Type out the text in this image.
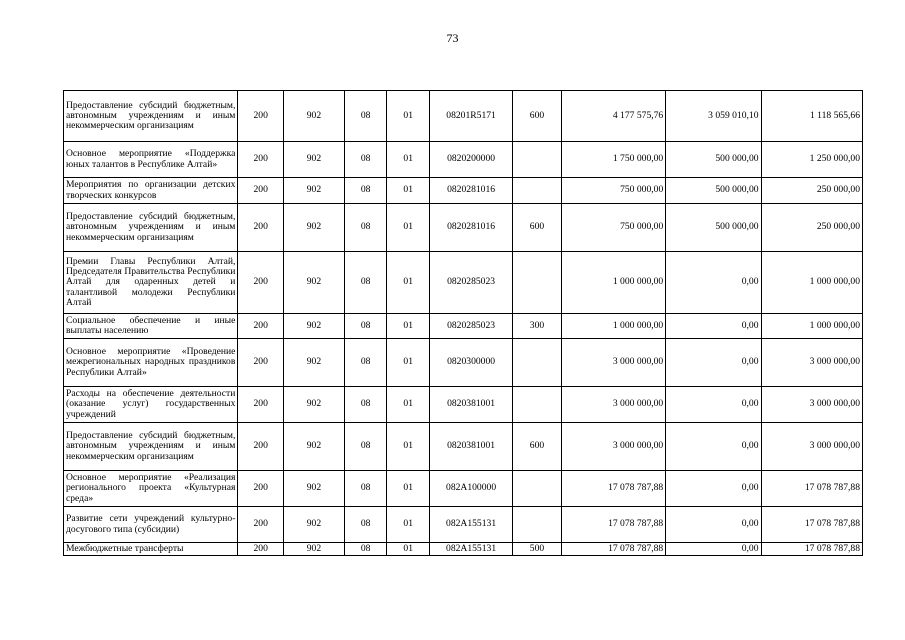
73
Предоставление субсидий бюджетным, автономным учреждениям и иным некоммерческим организациям	200	902	08	01	08201R5171	600	4 177 575,76	3 059 010,10	1 118 565,66
Основное мероприятие «Поддержка юных талантов в Республике Алтай»	200	902	08	01	0820200000		1 750 000,00	500 000,00	1 250 000,00
Мероприятия по организации детских творческих конкурсов	200	902	08	01	0820281016		750 000,00	500 000,00	250 000,00
Предоставление субсидий бюджетным, автономным учреждениям и иным некоммерческим организациям	200	902	08	01	0820281016	600	750 000,00	500 000,00	250 000,00
Премии Главы Республики Алтай, Председателя Правительства Республики Алтай для одаренных детей и талантливой молодежи Республики Алтай	200	902	08	01	0820285023		1 000 000,00	0,00	1 000 000,00
Социальное обеспечение и иные выплаты населению	200	902	08	01	0820285023	300	1 000 000,00	0,00	1 000 000,00
Основное мероприятие «Проведение межрегиональных народных праздников Республики Алтай»	200	902	08	01	0820300000		3 000 000,00	0,00	3 000 000,00
Расходы на обеспечение деятельности (оказание услуг) государственных учреждений	200	902	08	01	0820381001		3 000 000,00	0,00	3 000 000,00
Предоставление субсидий бюджетным, автономным учреждениям и иным некоммерческим организациям	200	902	08	01	0820381001	600	3 000 000,00	0,00	3 000 000,00
Основное мероприятие «Реализация регионального проекта «Культурная среда»	200	902	08	01	082A100000		17 078 787,88	0,00	17 078 787,88
Развитие сети учреждений культурно-досугового типа (субсидии)	200	902	08	01	082A155131		17 078 787,88	0,00	17 078 787,88
Межбюджетные трансферты	200	902	08	01	082A155131	500	17 078 787,88	0,00	17 078 787,88
